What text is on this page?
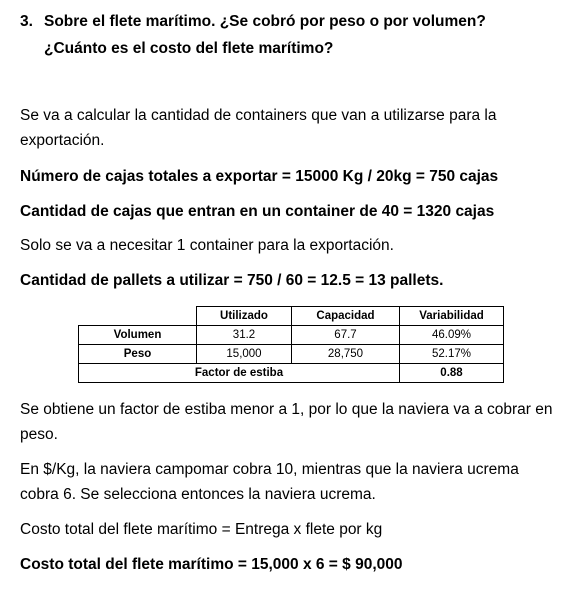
3. Sobre el flete marítimo. ¿Se cobró por peso o por volumen?
¿Cuánto es el costo del flete marítimo?
Se va a calcular la cantidad de containers que van a utilizarse para la exportación.
Número de cajas totales a exportar = 15000 Kg / 20kg = 750 cajas
Cantidad de cajas que entran en un container de 40 = 1320 cajas
Solo se va a necesitar 1 container para la exportación.
Cantidad de pallets a utilizar = 750 / 60 = 12.5 = 13 pallets.
	Utilizado	Capacidad	Variabilidad
Volumen	31.2	67.7	46.09%
Peso	15,000	28,750	52.17%
Factor de estiba			0.88
Se obtiene un factor de estiba menor a 1, por lo que la naviera va a cobrar en peso.
En $/Kg, la naviera campomar cobra 10, mientras que la naviera ucrema cobra 6. Se selecciona entonces la naviera ucrema.
Costo total del flete marítimo = Entrega x flete por kg
Costo total del flete marítimo = 15,000 x 6 = $ 90,000
